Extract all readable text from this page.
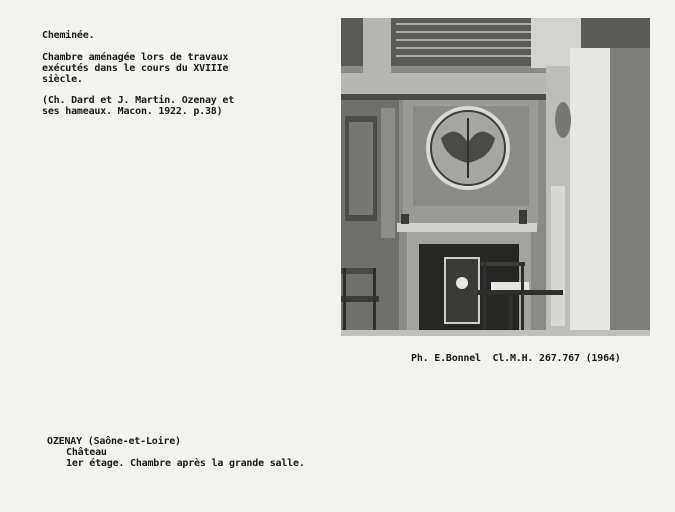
Cheminée.
Chambre aménagée lors de travaux
exécutés dans le cours du XVIIIe
siècle.
(Ch. Dard et J. Martin. Ozenay et
ses hameaux. Macon. 1922. p.38)
Ph. E.Bonnel  Cl.M.H. 267.767 (1964)
OZENAY (Saône-et-Loire)
Château
1er étage. Chambre après la grande salle.
